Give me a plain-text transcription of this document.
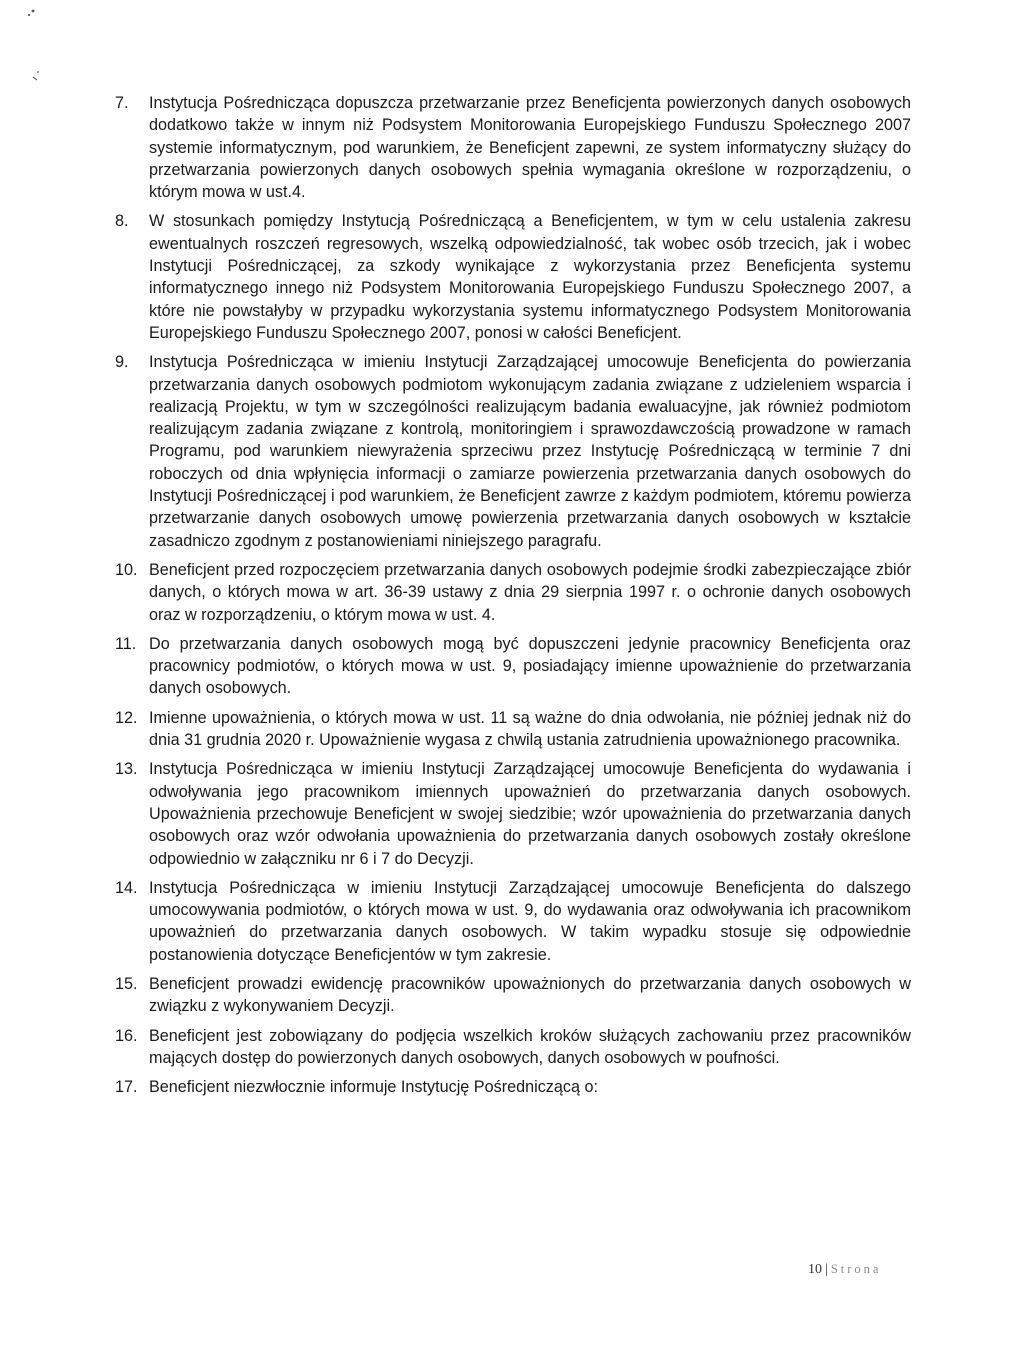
7.	Instytucja Pośrednicząca dopuszcza przetwarzanie przez Beneficjenta powierzonych danych osobowych dodatkowo także w innym niż Podsystem Monitorowania Europejskiego Funduszu Społecznego 2007 systemie informatycznym, pod warunkiem, że Beneficjent zapewni, ze system informatyczny służący do przetwarzania powierzonych danych osobowych spełnia wymagania określone w rozporządzeniu, o którym mowa w ust.4.
8.	W stosunkach pomiędzy Instytucją Pośredniczącą a Beneficjentem, w tym w celu ustalenia zakresu ewentualnych roszczeń regresowych, wszelką odpowiedzialność, tak wobec osób trzecich, jak i wobec Instytucji Pośredniczącej, za szkody wynikające z wykorzystania przez Beneficjenta systemu informatycznego innego niż Podsystem Monitorowania Europejskiego Funduszu Społecznego 2007, a które nie powstałyby w przypadku wykorzystania systemu informatycznego Podsystem Monitorowania Europejskiego Funduszu Społecznego 2007, ponosi w całości Beneficjent.
9.	Instytucja Pośrednicząca w imieniu Instytucji Zarządzającej umocowuje Beneficjenta do powierzania przetwarzania danych osobowych podmiotom wykonującym zadania związane z udzieleniem wsparcia i realizacją Projektu, w tym w szczególności realizującym badania ewaluacyjne, jak również podmiotom realizującym zadania związane z kontrolą, monitoringiem i sprawozdawczością prowadzone w ramach Programu, pod warunkiem niewyrażenia sprzeciwu przez Instytucję Pośredniczącą w terminie 7 dni roboczych od dnia wpłynięcia informacji o zamiarze powierzenia przetwarzania danych osobowych do Instytucji Pośredniczącej i pod warunkiem, że Beneficjent zawrze z każdym podmiotem, któremu powierza przetwarzanie danych osobowych umowę powierzenia przetwarzania danych osobowych w kształcie zasadniczo zgodnym z postanowieniami niniejszego paragrafu.
10. Beneficjent przed rozpoczęciem przetwarzania danych osobowych podejmie środki zabezpieczające zbiór danych, o których mowa w art. 36-39 ustawy z dnia 29 sierpnia 1997 r. o ochronie danych osobowych oraz w rozporządzeniu, o którym mowa w ust. 4.
11. Do przetwarzania danych osobowych mogą być dopuszczeni jedynie pracownicy Beneficjenta oraz pracownicy podmiotów, o których mowa w ust. 9, posiadający imienne upoważnienie do przetwarzania danych osobowych.
12. Imienne upoważnienia, o których mowa w ust. 11 są ważne do dnia odwołania, nie później jednak niż do dnia 31 grudnia 2020 r. Upoważnienie wygasa z chwilą ustania zatrudnienia upoważnionego pracownika.
13. Instytucja Pośrednicząca w imieniu Instytucji Zarządzającej umocowuje Beneficjenta do wydawania i odwoływania jego pracownikom imiennych upoważnień do przetwarzania danych osobowych. Upoważnienia przechowuje Beneficjent w swojej siedzibie; wzór upoważnienia do przetwarzania danych osobowych oraz wzór odwołania upoważnienia do przetwarzania danych osobowych zostały określone odpowiednio w załączniku nr 6 i 7 do Decyzji.
14. Instytucja Pośrednicząca w imieniu Instytucji Zarządzającej umocowuje Beneficjenta do dalszego umocowywania podmiotów, o których mowa w ust. 9, do wydawania oraz odwoływania ich pracownikom upoważnień do przetwarzania danych osobowych. W takim wypadku stosuje się odpowiednie postanowienia dotyczące Beneficjentów w tym zakresie.
15. Beneficjent prowadzi ewidencję pracowników upoważnionych do przetwarzania danych osobowych w związku z wykonywaniem Decyzji.
16. Beneficjent jest zobowiązany do podjęcia wszelkich kroków służących zachowaniu przez pracowników mających dostęp do powierzonych danych osobowych, danych osobowych w poufności.
17. Beneficjent niezwłocznie informuje Instytucję Pośredniczącą o:
10 | Strona
